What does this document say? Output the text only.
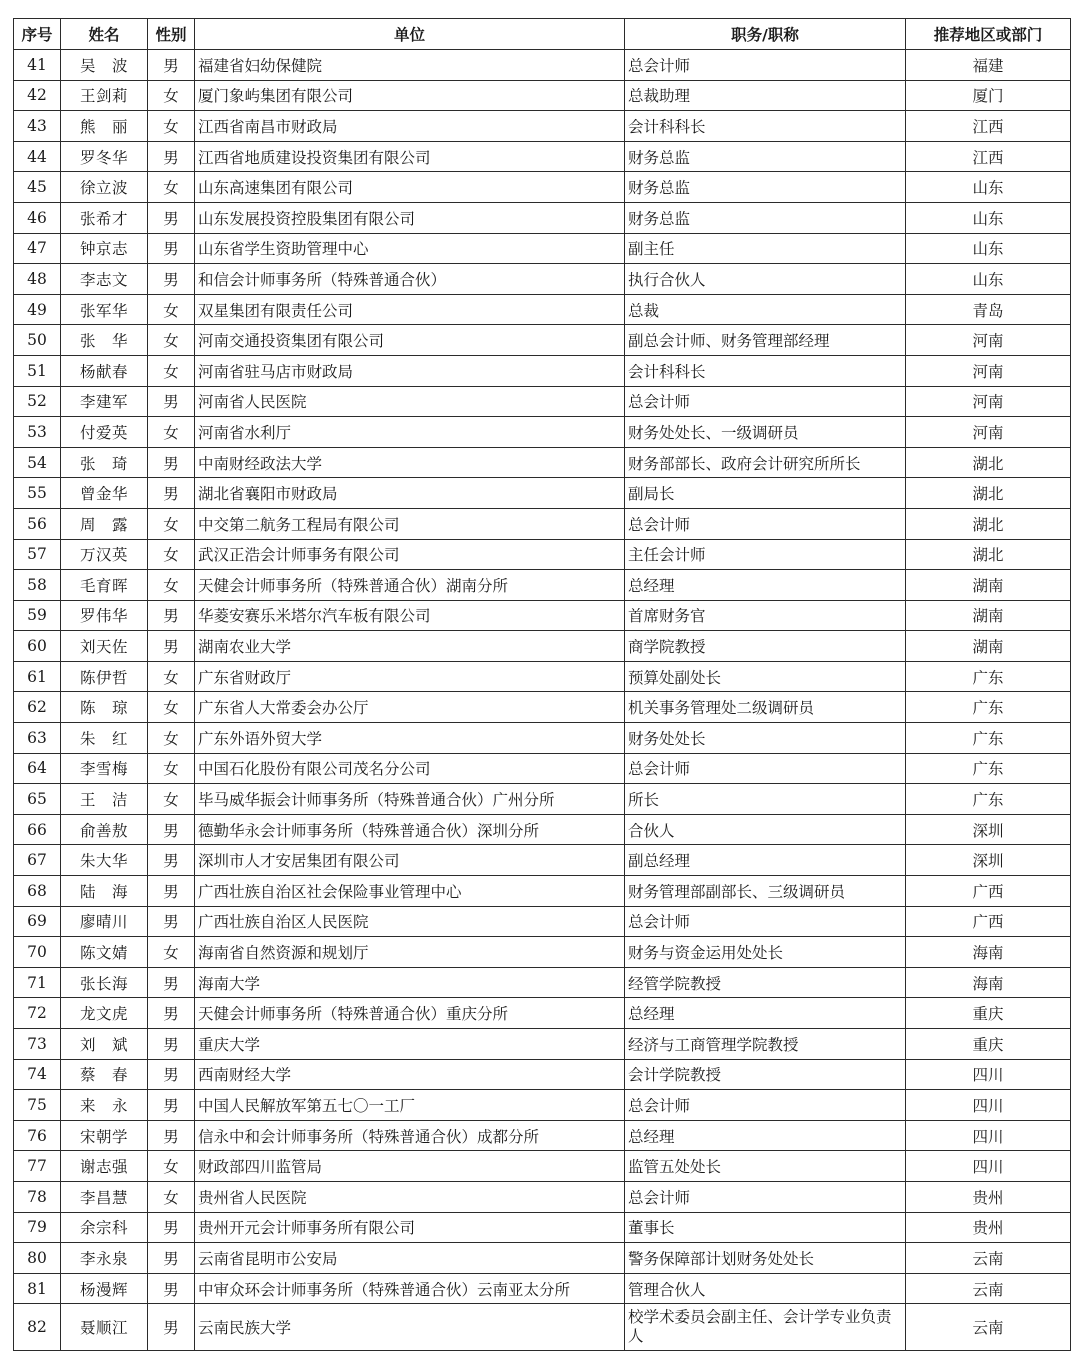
序号	姓名	性别	单位	职务/职称	推荐地区或部门
41	吴　波	男	福建省妇幼保健院	总会计师	福建
42	王剑莉	女	厦门象屿集团有限公司	总裁助理	厦门
43	熊　丽	女	江西省南昌市财政局	会计科科长	江西
44	罗冬华	男	江西省地质建设投资集团有限公司	财务总监	江西
45	徐立波	女	山东高速集团有限公司	财务总监	山东
46	张希才	男	山东发展投资控股集团有限公司	财务总监	山东
47	钟京志	男	山东省学生资助管理中心	副主任	山东
48	李志文	男	和信会计师事务所（特殊普通合伙）	执行合伙人	山东
49	张军华	女	双星集团有限责任公司	总裁	青岛
50	张　华	女	河南交通投资集团有限公司	副总会计师、财务管理部经理	河南
51	杨献春	女	河南省驻马店市财政局	会计科科长	河南
52	李建军	男	河南省人民医院	总会计师	河南
53	付爱英	女	河南省水利厅	财务处处长、一级调研员	河南
54	张　琦	男	中南财经政法大学	财务部部长、政府会计研究所所长	湖北
55	曾金华	男	湖北省襄阳市财政局	副局长	湖北
56	周　露	女	中交第二航务工程局有限公司	总会计师	湖北
57	万汉英	女	武汉正浩会计师事务有限公司	主任会计师	湖北
58	毛育晖	女	天健会计师事务所（特殊普通合伙）湖南分所	总经理	湖南
59	罗伟华	男	华菱安赛乐米塔尔汽车板有限公司	首席财务官	湖南
60	刘天佐	男	湖南农业大学	商学院教授	湖南
61	陈伊哲	女	广东省财政厅	预算处副处长	广东
62	陈　琼	女	广东省人大常委会办公厅	机关事务管理处二级调研员	广东
63	朱　红	女	广东外语外贸大学	财务处处长	广东
64	李雪梅	女	中国石化股份有限公司茂名分公司	总会计师	广东
65	王　洁	女	毕马威华振会计师事务所（特殊普通合伙）广州分所	所长	广东
66	俞善敖	男	德勤华永会计师事务所（特殊普通合伙）深圳分所	合伙人	深圳
67	朱大华	男	深圳市人才安居集团有限公司	副总经理	深圳
68	陆　海	男	广西壮族自治区社会保险事业管理中心	财务管理部副部长、三级调研员	广西
69	廖晴川	男	广西壮族自治区人民医院	总会计师	广西
70	陈文婧	女	海南省自然资源和规划厅	财务与资金运用处处长	海南
71	张长海	男	海南大学	经管学院教授	海南
72	龙文虎	男	天健会计师事务所（特殊普通合伙）重庆分所	总经理	重庆
73	刘　斌	男	重庆大学	经济与工商管理学院教授	重庆
74	蔡　春	男	西南财经大学	会计学院教授	四川
75	来　永	男	中国人民解放军第五七〇一工厂	总会计师	四川
76	宋朝学	男	信永中和会计师事务所（特殊普通合伙）成都分所	总经理	四川
77	谢志强	女	财政部四川监管局	监管五处处长	四川
78	李昌慧	女	贵州省人民医院	总会计师	贵州
79	余宗科	男	贵州开元会计师事务所有限公司	董事长	贵州
80	李永泉	男	云南省昆明市公安局	警务保障部计划财务处处长	云南
81	杨漫辉	男	中审众环会计师事务所（特殊普通合伙）云南亚太分所	管理合伙人	云南
82	聂顺江	男	云南民族大学	校学术委员会副主任、会计学专业负责人	云南
